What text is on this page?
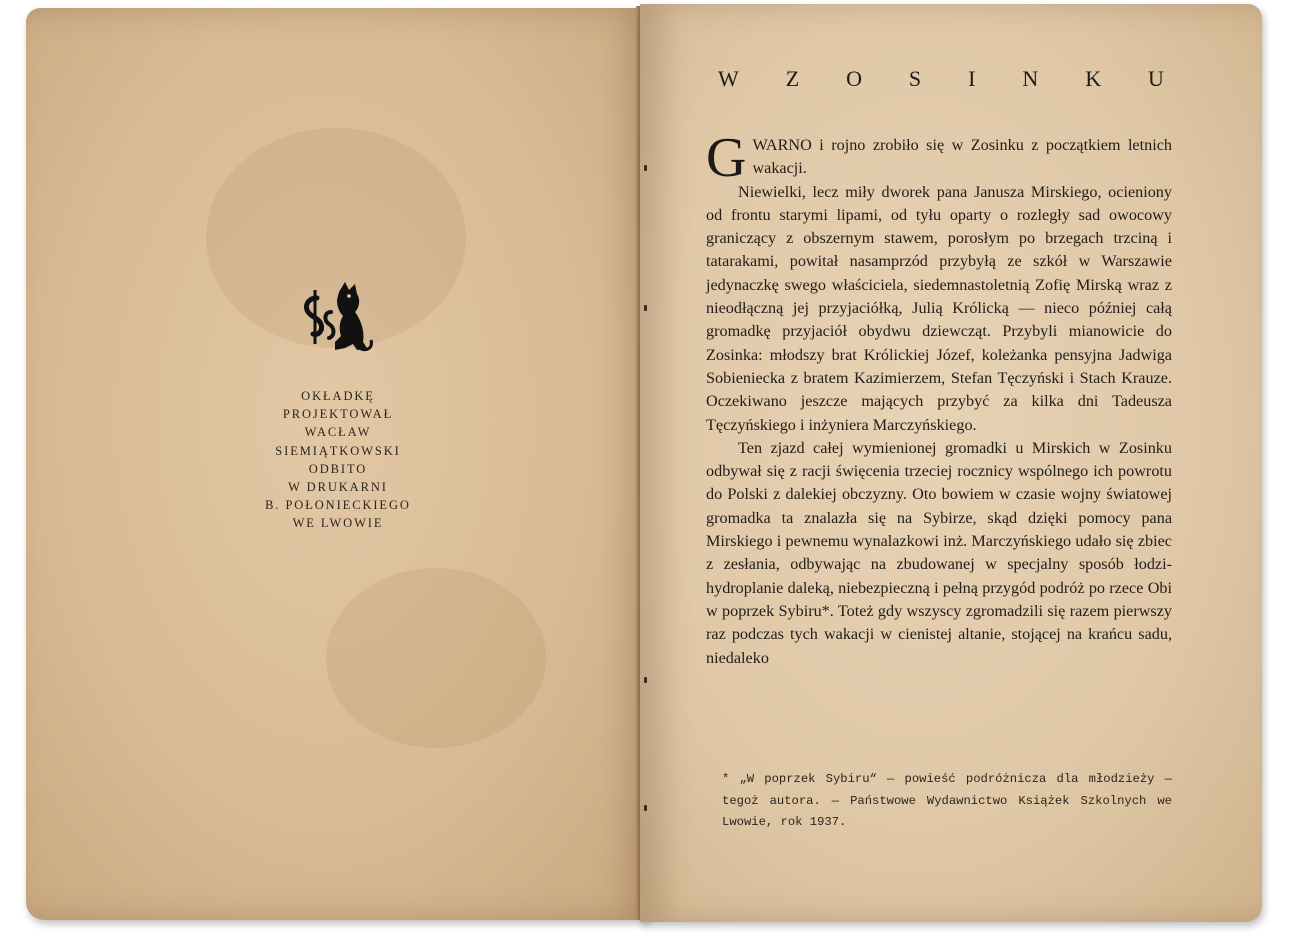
OKŁADKĘ
PROJEKTOWAŁ
WACŁAW
SIEMIĄTKOWSKI
ODBITO
W DRUKARNI
B. POŁONIECKIEGO
WE LWOWIE
W Z O S I N K U

G WARNO i rojno zrobiło się w Zosinku z początkiem letnich wakacji.

Niewielki, lecz miły dworek pana Janusza Mirskiego, ocieniony od frontu starymi lipami, od tyłu oparty o rozległy sad owocowy graniczący z obszernym stawem, porosłym po brzegach trzciną i tatarakami, powitał nasamprzód przybyłą ze szkół w Warszawie jedynaczkę swego właściciela, siedemnastoletnią Zofię Mirską wraz z nieodłączną jej przyjaciółką, Julią Królicką — nieco później całą gromadkę przyjaciół obydwu dziewcząt. Przybyli mianowicie do Zosinka: młodszy brat Królickiej Józef, koleżanka pensyjna Jadwiga Sobieniecka z bratem Kazimierzem, Stefan Tęczyński i Stach Krauze. Oczekiwano jeszcze mających przybyć za kilka dni Tadeusza Tęczyńskiego i inżyniera Marczyńskiego.

Ten zjazd całej wymienionej gromadki u Mirskich w Zosinku odbywał się z racji święcenia trzeciej rocznicy wspólnego ich powrotu do Polski z dalekiej obczyzny. Oto bowiem w czasie wojny światowej gromadka ta znalazła się na Sybirze, skąd dzięki pomocy pana Mirskiego i pewnemu wynalazkowi inż. Marczyńskiego udało się zbiec z zesłania, odbywając na zbudowanej w specjalny sposób łodzi-hydroplanie daleką, niebezpieczną i pełną przygód podróż po rzece Obi w poprzek Sybiru*. Toteż gdy wszyscy zgromadzili się razem pierwszy raz podczas tych wakacji w cienistej altanie, stojącej na krańcu sadu, niedaleko

* „W poprzek Sybiru“ — powieść podróżnicza dla młodzieży — tegoż autora. — Państwowe Wydawnictwo Książek Szkolnych we Lwowie, rok 1937.
